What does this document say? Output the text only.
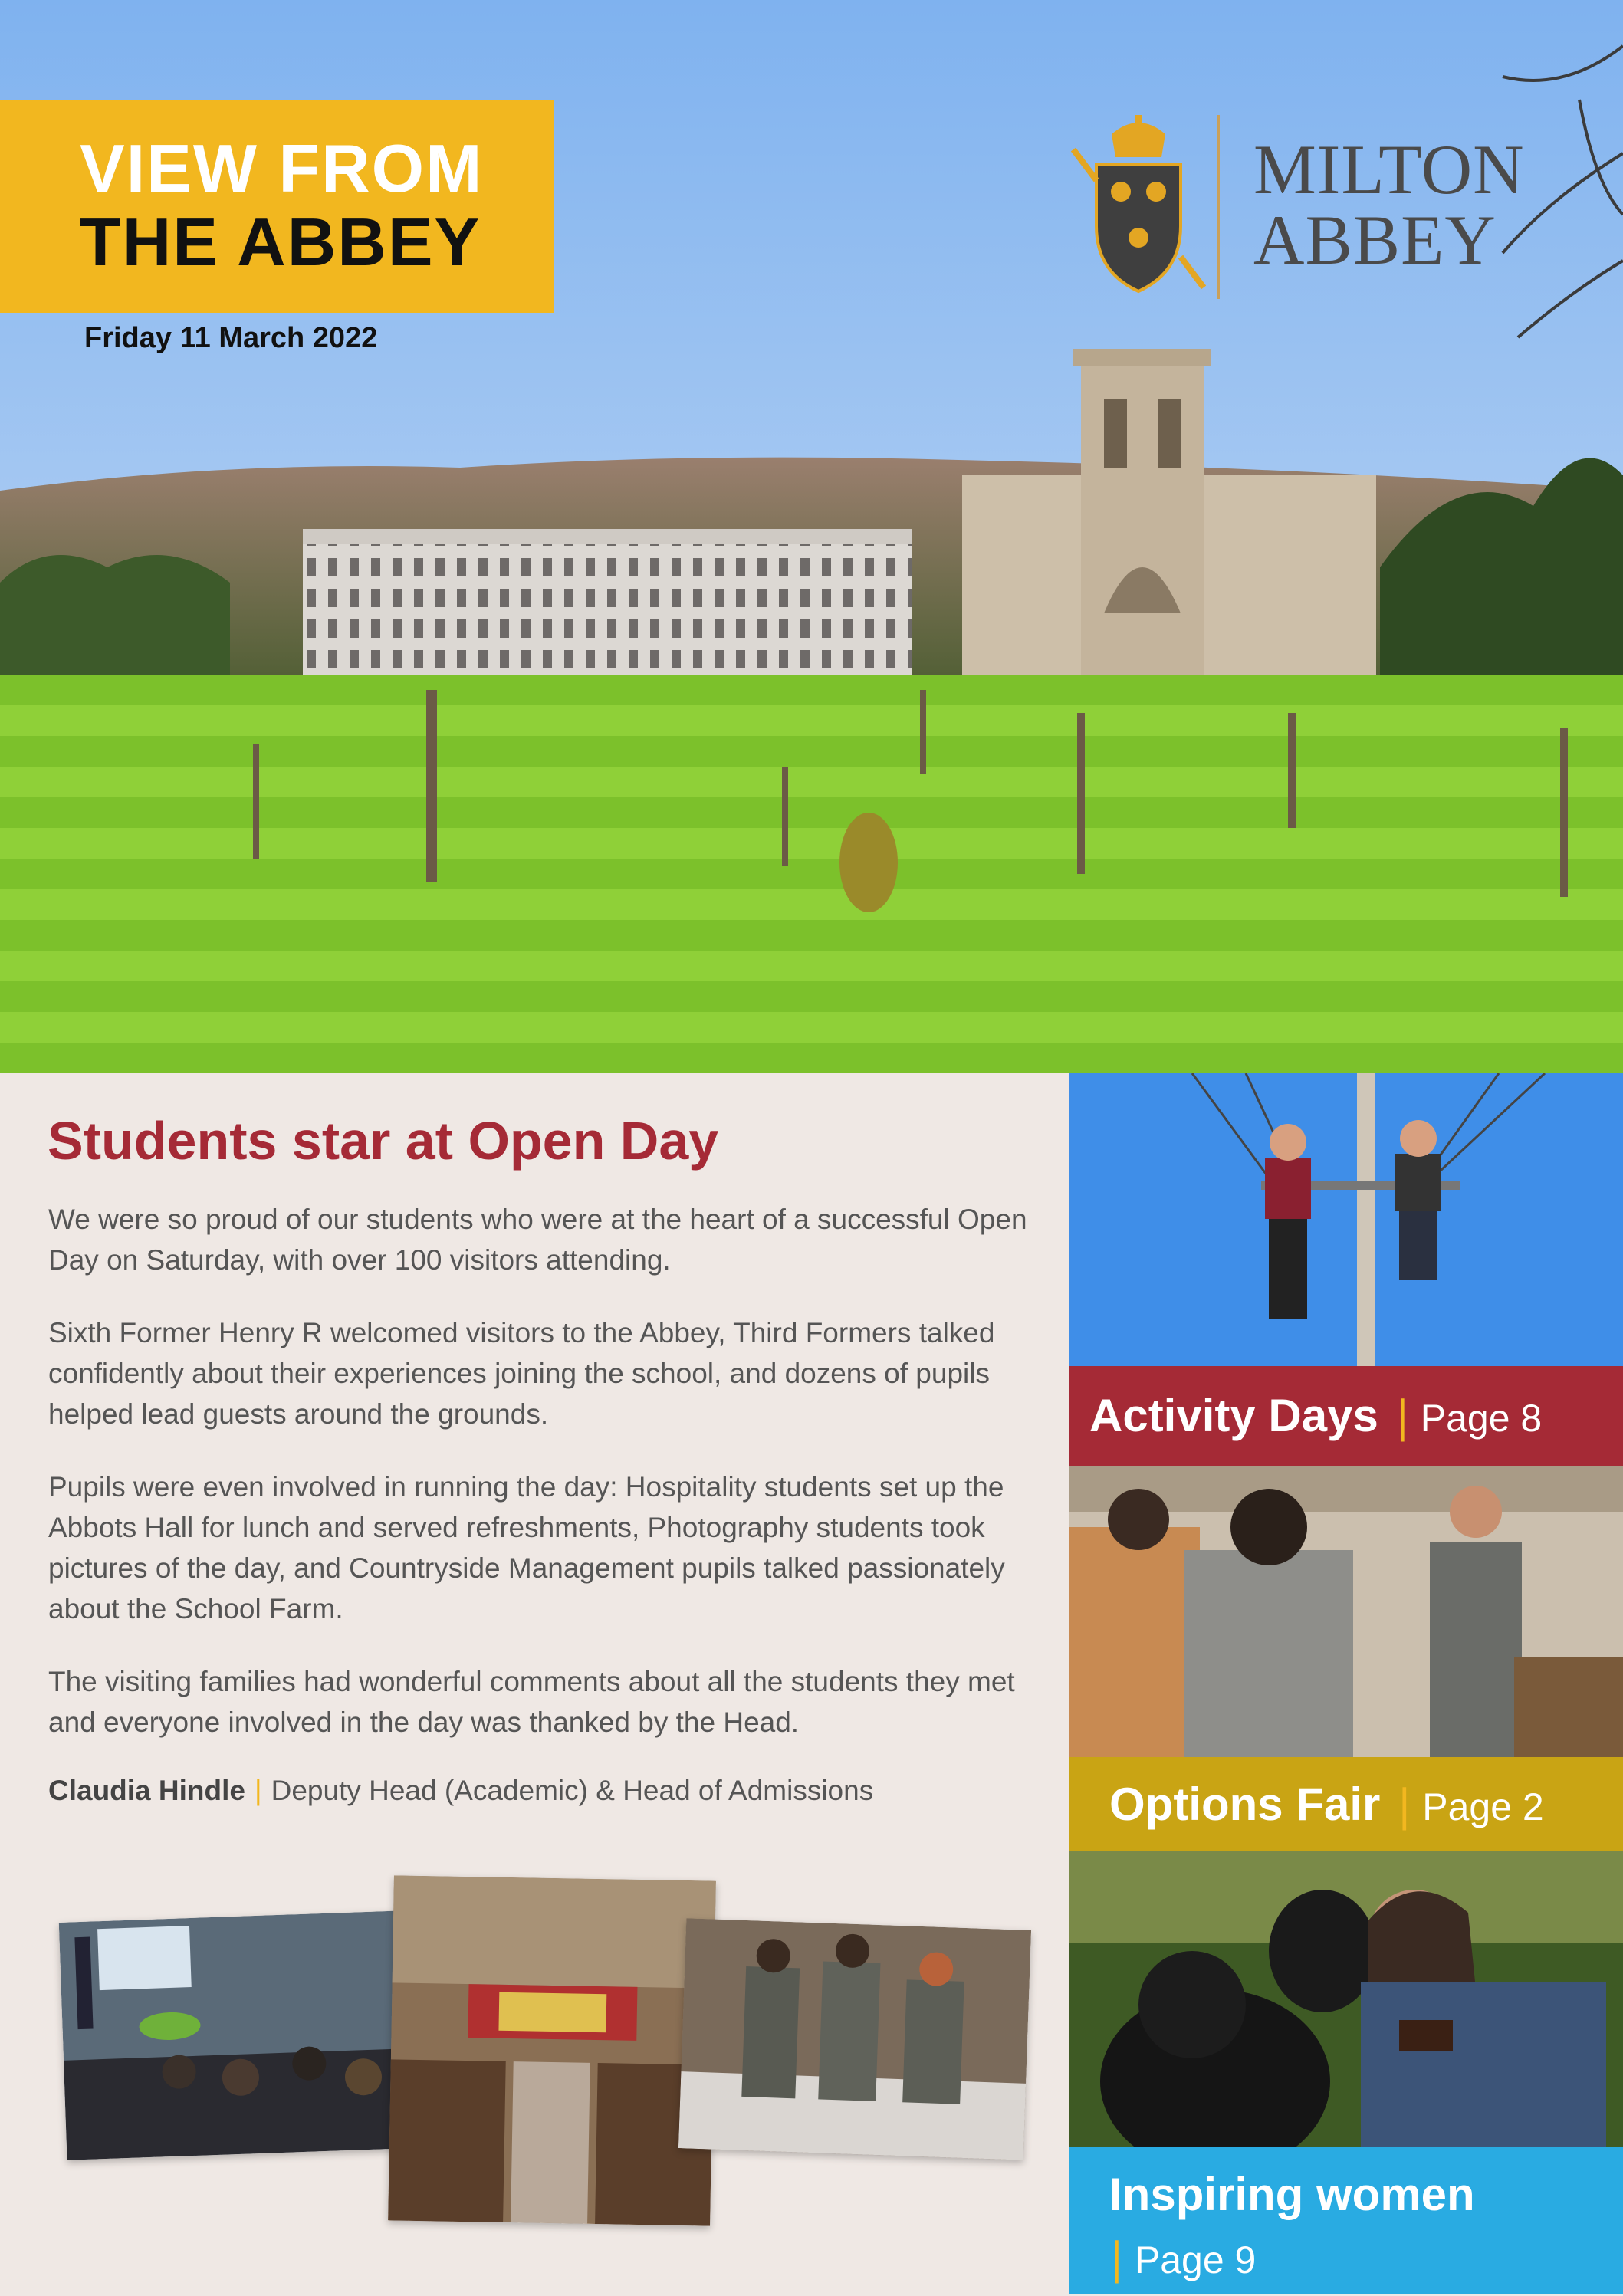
VIEW FROM
THE ABBEY
Friday 11 March 2022
MILTON
ABBEY
Students star at Open Day

We were so proud of our students who were at the heart of a successful Open Day on Saturday, with over 100 visitors attending.

Sixth Former Henry R welcomed visitors to the Abbey, Third Formers talked confidently about their experiences joining the school, and dozens of pupils helped lead guests around the grounds.

Pupils were even involved in running the day: Hospitality students set up the Abbots Hall for lunch and served refreshments, Photography students took pictures of the day, and Countryside Management pupils talked passionately about the School Farm.

The visiting families had wonderful comments about all the students they met and everyone involved in the day was thanked by the Head.

Claudia Hindle | Deputy Head (Academic) & Head of Admissions
Activity Days | Page 8
Options Fair | Page 2
Inspiring women
| Page 9
